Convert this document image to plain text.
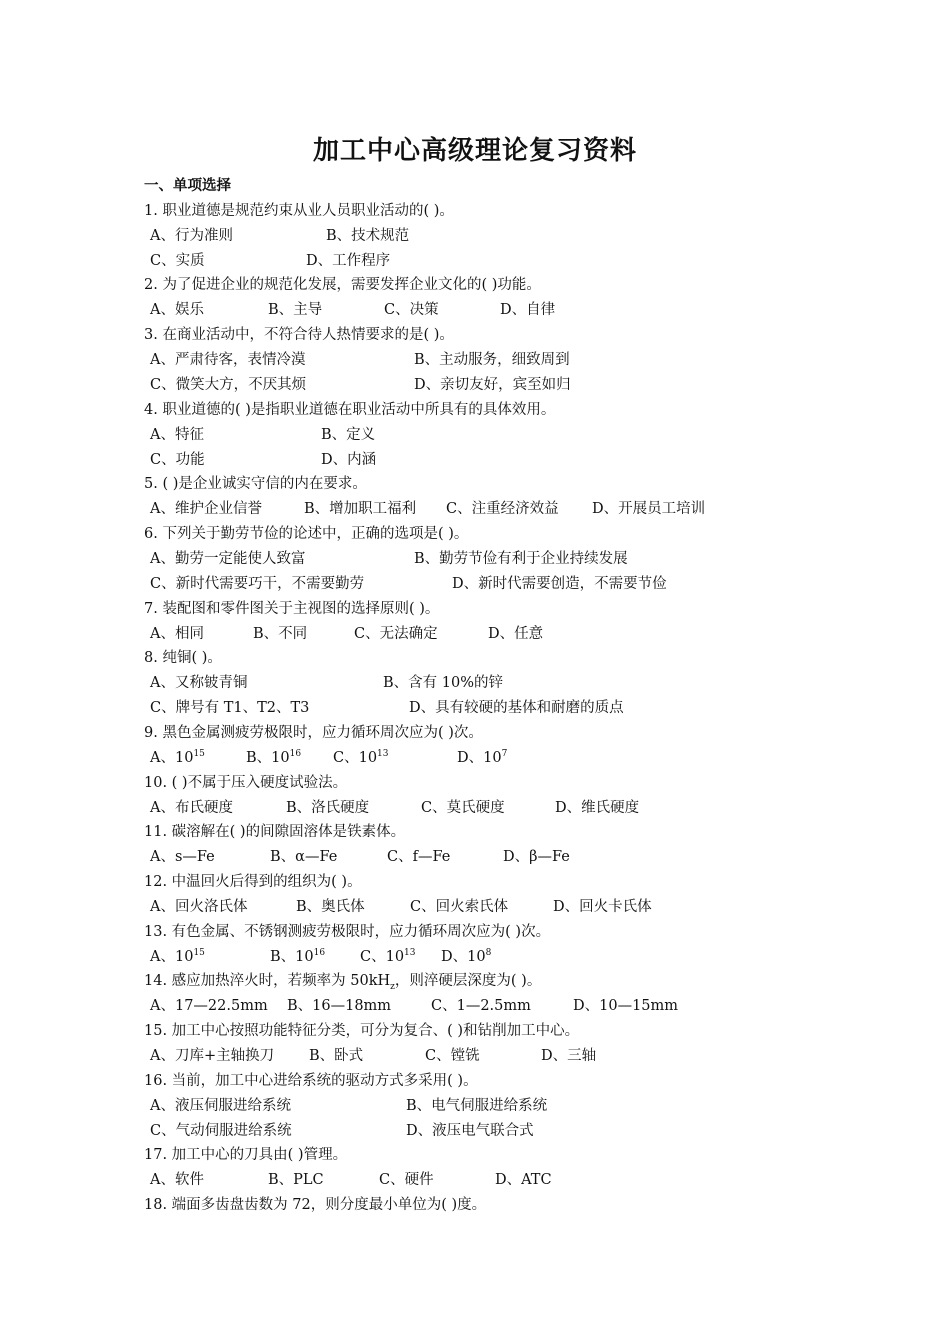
加工中心高级理论复习资料
一、单项选择
1. 职业道德是规范约束从业人员职业活动的( )。
A、行为准则	B、技术规范
C、实质	D、工作程序
2. 为了促进企业的规范化发展，需要发挥企业文化的( )功能。
A、娱乐	B、主导	C、决策	D、自律
3. 在商业活动中，不符合待人热情要求的是( )。
A、严肃待客，表情冷漠	B、主动服务，细致周到
C、微笑大方，不厌其烦	D、亲切友好，宾至如归
4. 职业道德的( )是指职业道德在职业活动中所具有的具体效用。
A、特征	B、定义
C、功能	D、内涵
5. ( )是企业诚实守信的内在要求。
A、维护企业信誉	B、增加职工福利 C、注重经济效益 D、开展员工培训
6. 下列关于勤劳节俭的论述中，正确的选项是( )。
A、勤劳一定能使人致富	B、勤劳节俭有利于企业持续发展
C、新时代需要巧干，不需要勤劳	D、新时代需要创造，不需要节俭
7. 装配图和零件图关于主视图的选择原则( )。
A、相同	B、不同	C、无法确定	D、任意
8. 纯铜( )。
A、又称铍青铜	B、含有 10%的锌
C、牌号有 T1、T2、T3	D、具有较硬的基体和耐磨的质点
9. 黑色金属测疲劳极限时，应力循环周次应为( )次。
A、$10^{15}$	B、$10^{16}$ C、$10^{13}$	D、$10^7$
10. ( )不属于压入硬度试验法。
A、布氏硬度	B、洛氏硬度	C、莫氏硬度	D、维氏硬度
11. 碳溶解在( )的间隙固溶体是铁素体。
A、s—Fe	B、α—Fe	C、f—Fe	D、β—Fe
12. 中温回火后得到的组织为( )。
A、回火洛氏体	B、奥氏体	C、回火索氏体	D、回火卡氏体
13. 有色金属、不锈钢测疲劳极限时，应力循环周次应为( )次。
A、$10^{15}$	B、$10^{16}$ C、$10^{13}$ D、$10^8$
14. 感应加热淬火时，若频率为 $50kH_z$，则淬硬层深度为( )。
A、17—22.5mm B、16—18mm	C、1—2.5mm	D、10—15mm
15. 加工中心按照功能特征分类，可分为复合、( )和钻削加工中心。
A、刀库+主轴换刀 B、卧式	C、镗铣	D、三轴
16. 当前，加工中心进给系统的驱动方式多采用( )。
A、液压伺服进给系统	B、电气伺服进给系统
C、气动伺服进给系统	D、液压电气联合式
17. 加工中心的刀具由( )管理。
A、软件	B、PLC	C、硬件	D、ATC
18. 端面多齿盘齿数为 72，则分度最小单位为( )度。
